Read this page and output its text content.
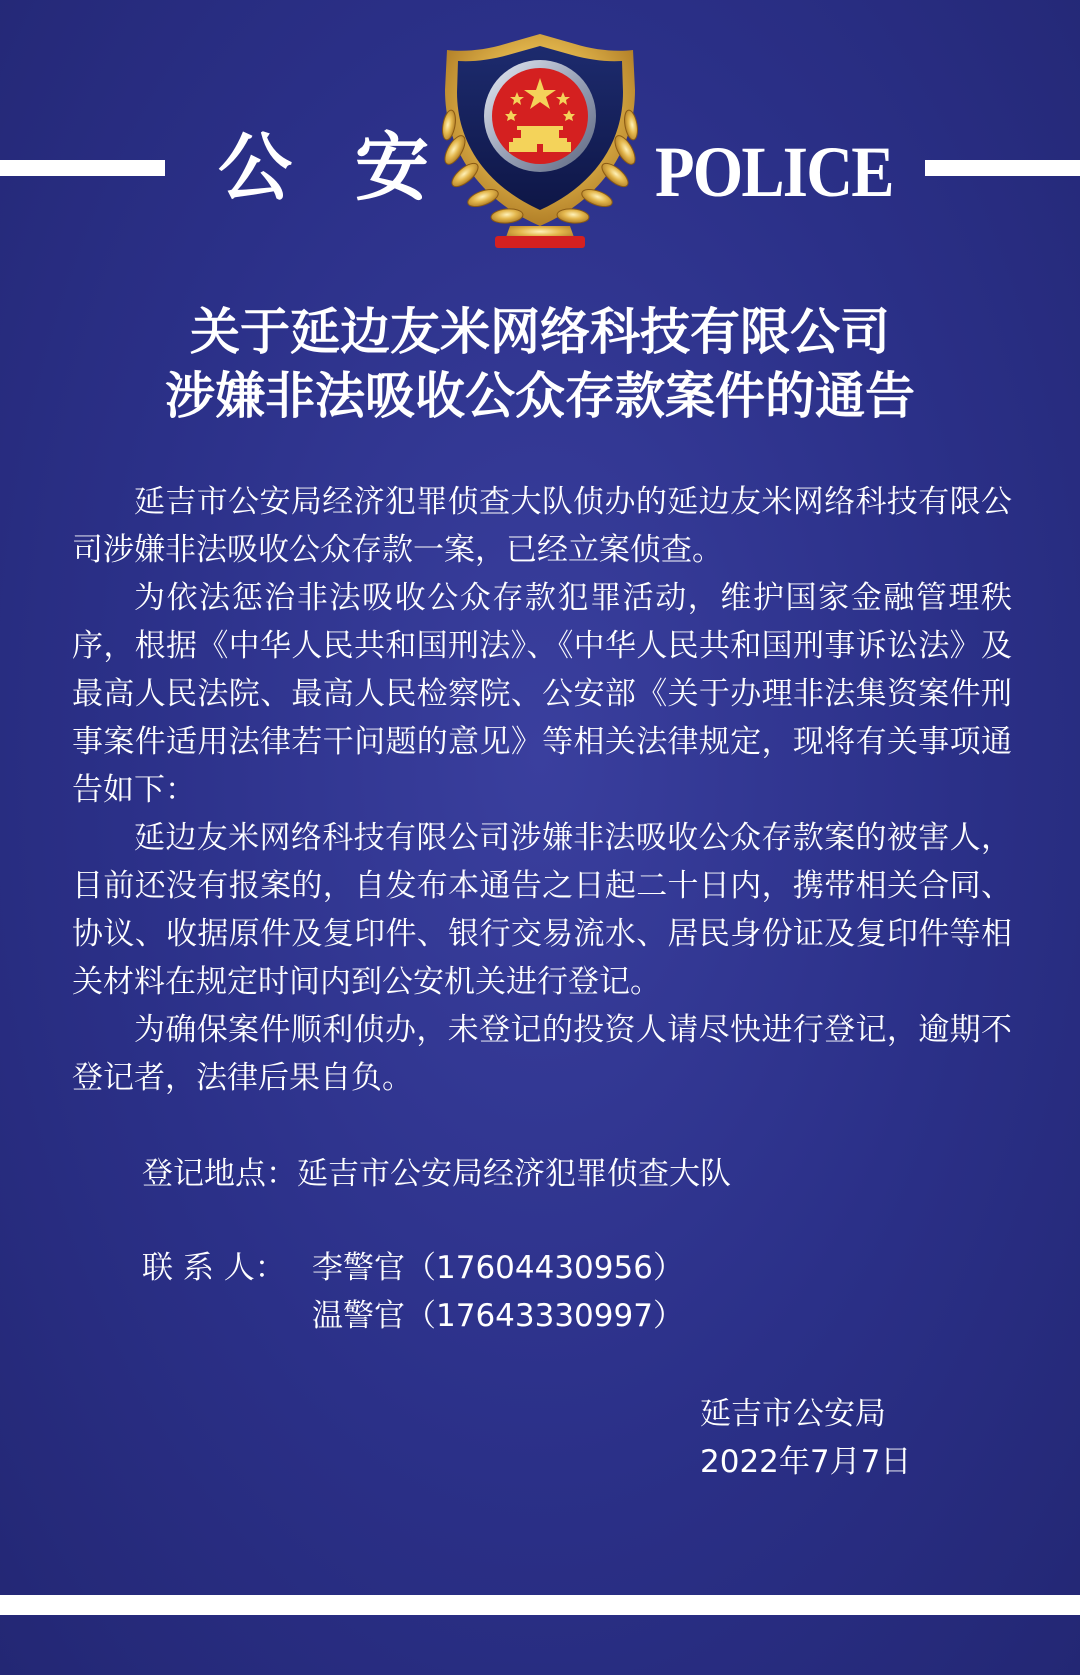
公 安	POLICE

关于延边友米网络科技有限公司
涉嫌非法吸收公众存款案件的通告

延吉市公安局经济犯罪侦查大队侦办的延边友米网络科技有限公司涉嫌非法吸收公众存款一案，已经立案侦查。

为依法惩治非法吸收公众存款犯罪活动，维护国家金融管理秩序，根据《中华人民共和国刑法》、《中华人民共和国刑事诉讼法》及最高人民法院、最高人民检察院、公安部《关于办理非法集资案件刑事案件适用法律若干问题的意见》等相关法律规定，现将有关事项通告如下：

延边友米网络科技有限公司涉嫌非法吸收公众存款案的被害人，目前还没有报案的，自发布本通告之日起二十日内，携带相关合同、协议、收据原件及复印件、银行交易流水、居民身份证及复印件等相关材料在规定时间内到公安机关进行登记。

为确保案件顺利侦办，未登记的投资人请尽快进行登记，逾期不登记者，法律后果自负。

登记地点：延吉市公安局经济犯罪侦查大队

联 系 人： 李警官（17604430956）
温警官（17643330997）
延吉市公安局
2022年7月7日
